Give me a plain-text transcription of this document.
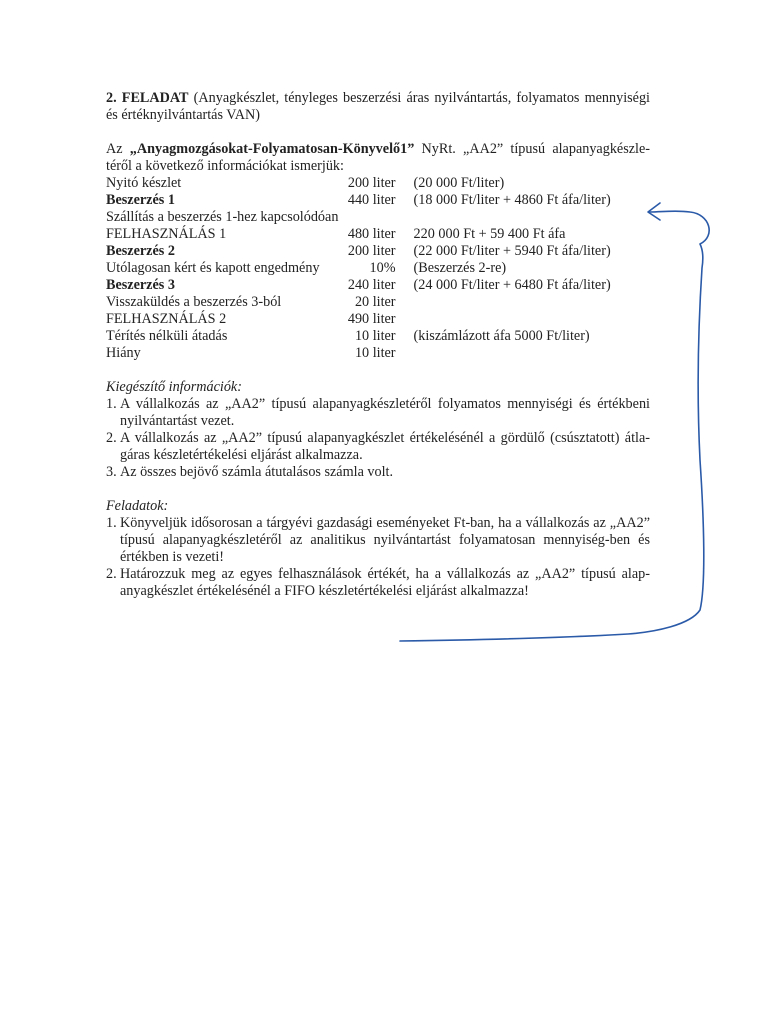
2. FELADAT (Anyagkészlet, tényleges beszerzési áras nyilvántartás, folyamatos mennyiségi és értéknyilvántartás VAN)

Az „Anyagmozgásokat-Folyamatosan-Könyvelő1” NyRt. „AA2” típusú alapanyagkészle-téről a következő információkat ismerjük:

Nyitó készlet	200 liter	(20 000 Ft/liter)
Beszerzés 1	440 liter	(18 000 Ft/liter + 4860 Ft áfa/liter)
Szállítás a beszerzés 1-hez kapcsolódóan		
FELHASZNÁLÁS 1	480 liter	220 000 Ft + 59 400 Ft áfa
Beszerzés 2	200 liter	(22 000 Ft/liter + 5940 Ft áfa/liter)
Utólagosan kért és kapott engedmény	10%	(Beszerzés 2-re)
Beszerzés 3	240 liter	(24 000 Ft/liter + 6480 Ft áfa/liter)
Visszaküldés a beszerzés 3-ból	20 liter	
FELHASZNÁLÁS 2	490 liter	
Térítés nélküli átadás	10 liter	(kiszámlázott áfa 5000 Ft/liter)
Hiány	10 liter	

Kiegészítő információk:

1. A vállalkozás az „AA2” típusú alapanyagkészletéről folyamatos mennyiségi és értékbeni nyilvántartást vezet.
2. A vállalkozás az „AA2” típusú alapanyagkészlet értékelésénél a gördülő (csúsztatott) átla-gáras készletértékelési eljárást alkalmazza.
3. Az összes bejövő számla átutalásos számla volt.

Feladatok:

1. Könyveljük idősorosan a tárgyévi gazdasági eseményeket Ft-ban, ha a vállalkozás az „AA2” típusú alapanyagkészletéről az analitikus nyilvántartást folyamatosan mennyiség-ben és értékben is vezeti!
2. Határozzuk meg az egyes felhasználások értékét, ha a vállalkozás az „AA2” típusú alap-anyagkészlet értékelésénél a FIFO készletértékelési eljárást alkalmazza!
